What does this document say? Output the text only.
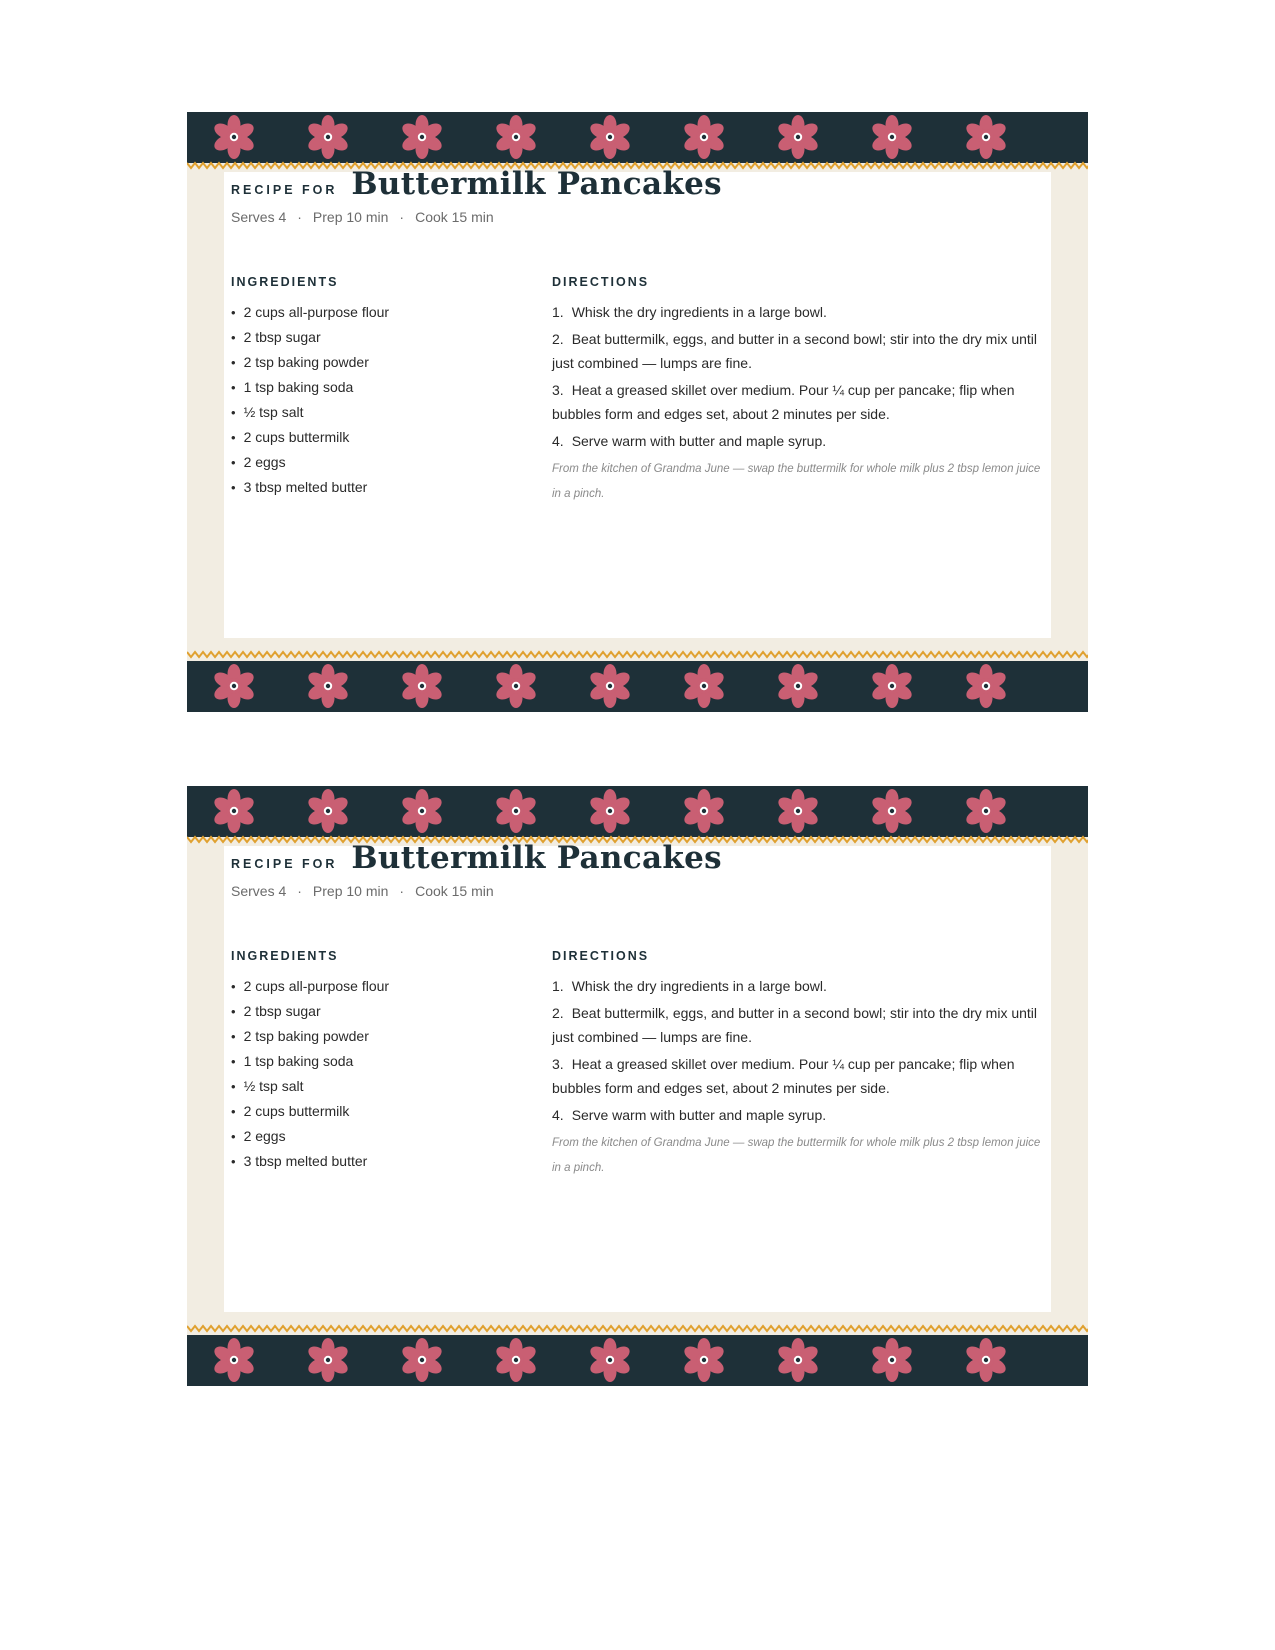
RECIPE FOR Buttermilk Pancakes
Serves 4 · Prep 10 min · Cook 15 min
INGREDIENTS
• 2 cups all-purpose flour
• 2 tbsp sugar
• 2 tsp baking powder
• 1 tsp baking soda
• ½ tsp salt
• 2 cups buttermilk
• 2 eggs
• 3 tbsp melted butter
DIRECTIONS
1. Whisk the dry ingredients in a large bowl.
2. Beat buttermilk, eggs, and butter in a second bowl; stir into the dry mix until just combined — lumps are fine.
3. Heat a greased skillet over medium. Pour ¼ cup per pancake; flip when bubbles form and edges set, about 2 minutes per side.
4. Serve warm with butter and maple syrup.

From the kitchen of Grandma June — swap the buttermilk for whole milk plus 2 tbsp lemon juice in a pinch.

RECIPE FOR Buttermilk Pancakes
Serves 4 · Prep 10 min · Cook 15 min
INGREDIENTS
• 2 cups all-purpose flour
• 2 tbsp sugar
• 2 tsp baking powder
• 1 tsp baking soda
• ½ tsp salt
• 2 cups buttermilk
• 2 eggs
• 3 tbsp melted butter
DIRECTIONS
1. Whisk the dry ingredients in a large bowl.
2. Beat buttermilk, eggs, and butter in a second bowl; stir into the dry mix until just combined — lumps are fine.
3. Heat a greased skillet over medium. Pour ¼ cup per pancake; flip when bubbles form and edges set, about 2 minutes per side.
4. Serve warm with butter and maple syrup.

From the kitchen of Grandma June — swap the buttermilk for whole milk plus 2 tbsp lemon juice in a pinch.
